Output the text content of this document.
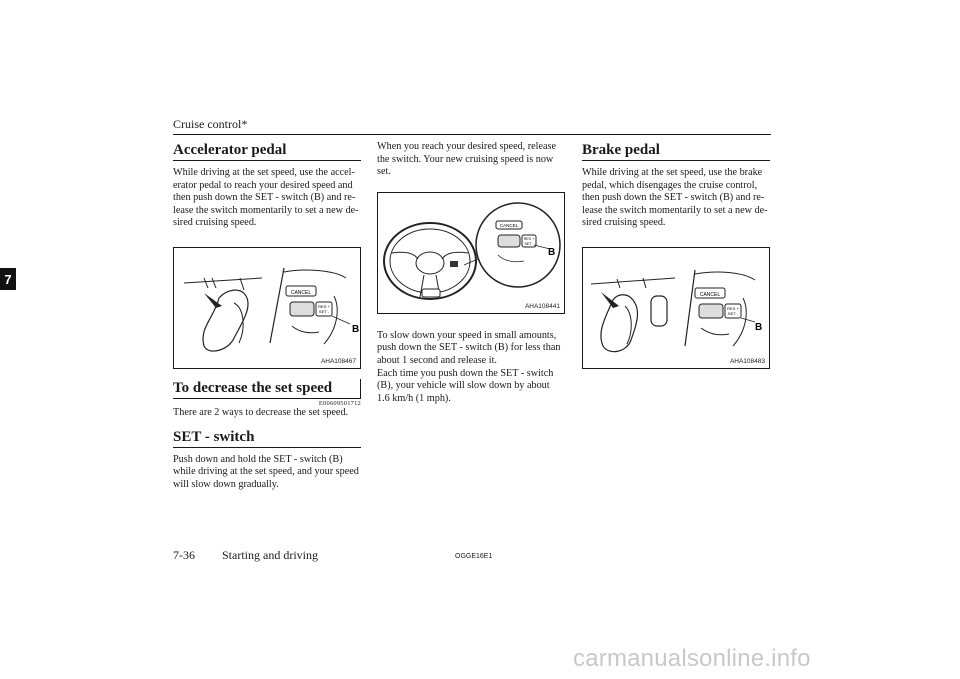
Cruise control*
7
Accelerator pedal

While driving at the set speed, use the accel-
erator pedal to reach your desired speed and
then push down the SET - switch (B) and re-
lease the switch momentarily to set a new de-
sired cruising speed.

CANCEL
RES +
SET -
B
AHA108467
To decrease the set speed
E00609501712

There are 2 ways to decrease the set speed.

SET - switch

Push down and hold the SET - switch (B)
while driving at the set speed, and your speed
will slow down gradually.

When you reach your desired speed, release
the switch. Your new cruising speed is now
set.

CANCEL
RES +
SET -
B
AHA108441

To slow down your speed in small amounts,
push down the SET - switch (B) for less than
about 1 second and release it.

Each time you push down the SET - switch
(B), your vehicle will slow down by about
1.6 km/h (1 mph).

Brake pedal

While driving at the set speed, use the brake
pedal, which disengages the cruise control,
then push down the SET - switch (B) and re-
lease the switch momentarily to set a new de-
sired cruising speed.

CANCEL
RES +
SET -
B
AHA108483
7-36 Starting and driving	OGGE16E1
carmanualsonline.info
